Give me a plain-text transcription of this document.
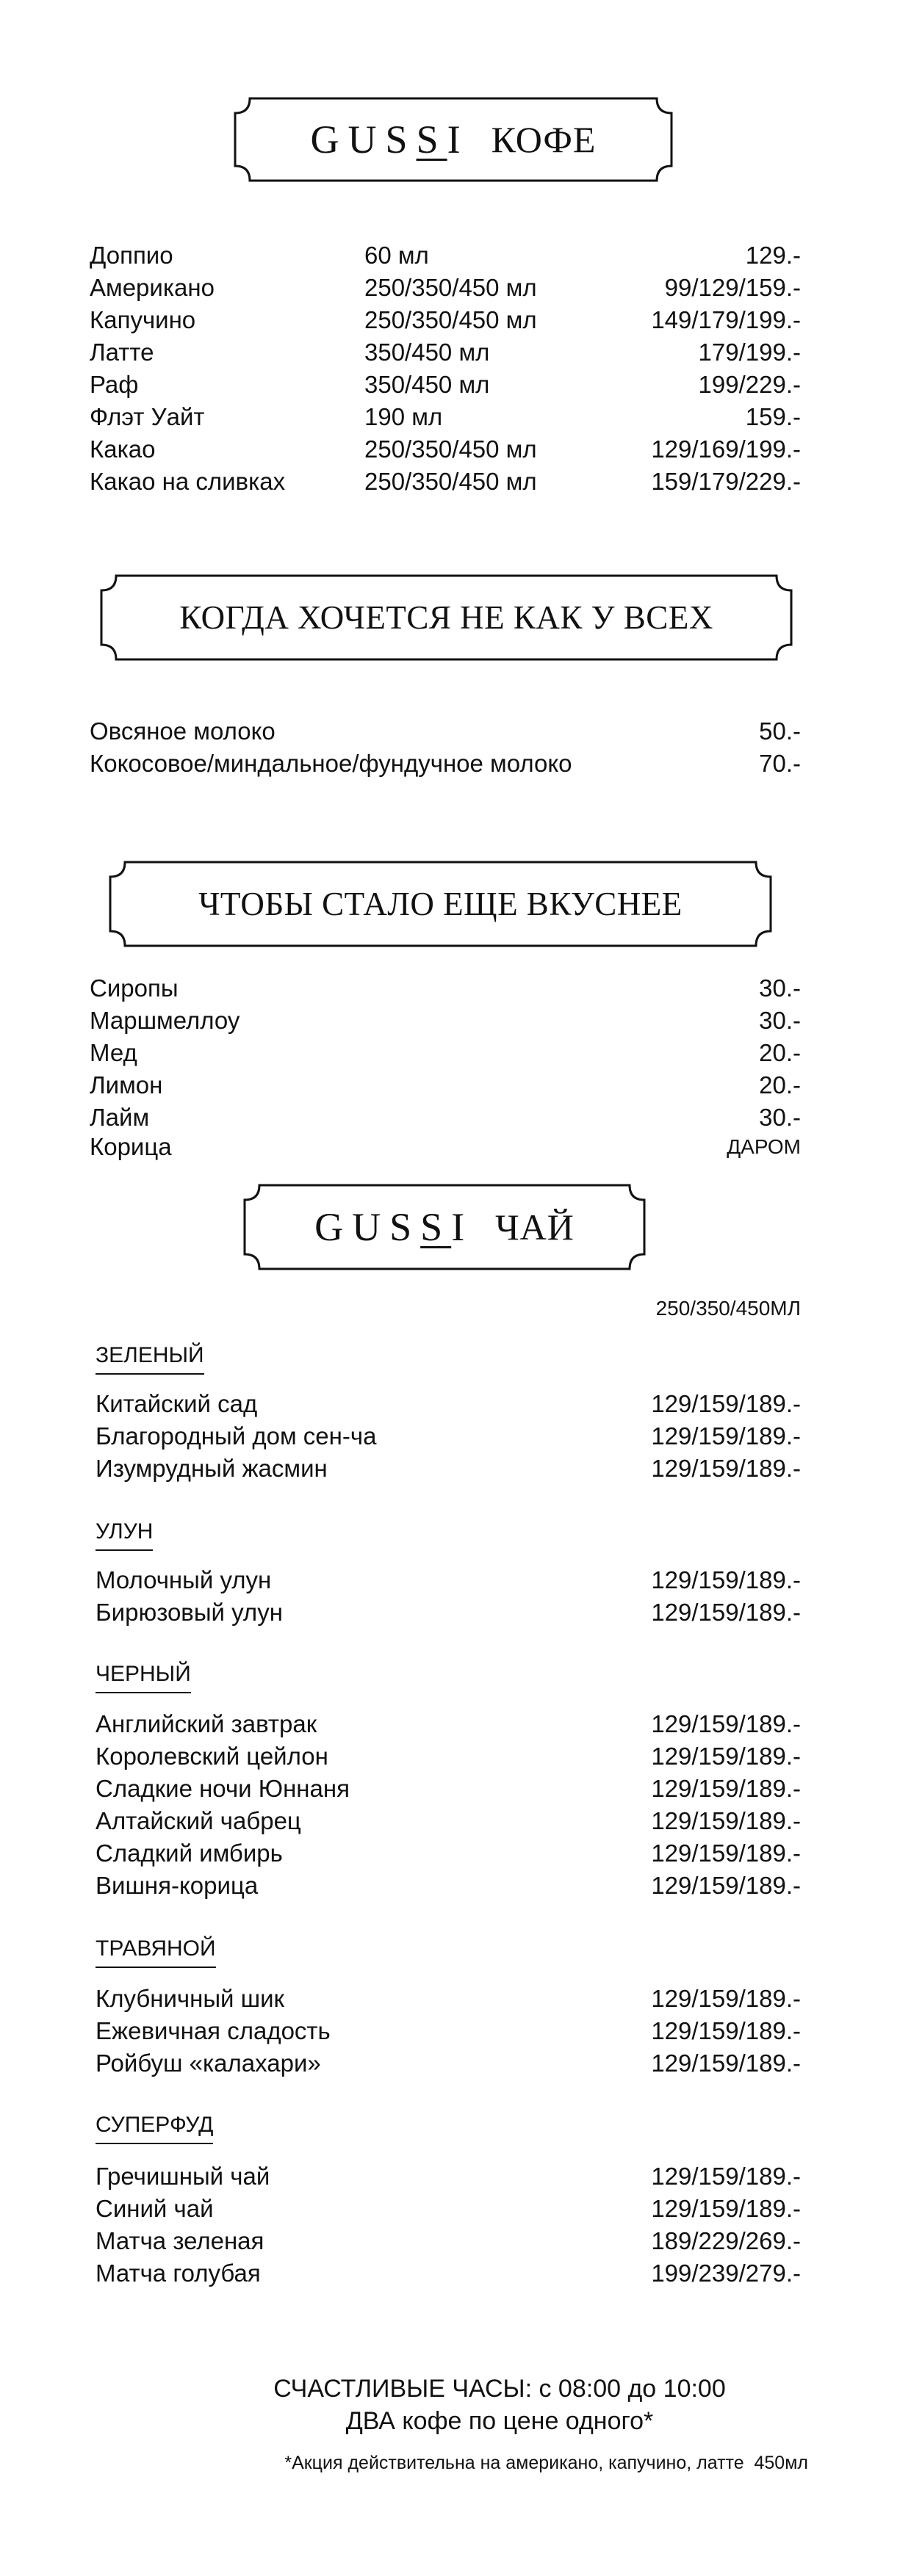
GUSSI КОФЕ
Доппио	60 мл	129.-
Американо	250/350/450 мл	99/129/159.-
Капучино	250/350/450 мл	149/179/199.-
Латте	350/450 мл	179/199.-
Раф	350/450 мл	199/229.-
Флэт Уайт	190 мл	159.-
Какао	250/350/450 мл	129/169/199.-
Какао на сливках	250/350/450 мл	159/179/229.-
КОГДА ХОЧЕТСЯ НЕ КАК У ВСЕХ
Овсяное молоко	50.-
Кокосовое/миндальное/фундучное молоко	70.-
ЧТОБЫ СТАЛО ЕЩЕ ВКУСНЕЕ
Сиропы	30.-
Маршмеллоу	30.-
Мед	20.-
Лимон	20.-
Лайм	30.-
Корица	ДАРОМ
GUSSI ЧАЙ
250/350/450МЛ
ЗЕЛЕНЫЙ
Китайский сад	129/159/189.-
Благородный дом сен-ча	129/159/189.-
Изумрудный жасмин	129/159/189.-
УЛУН
Молочный улун	129/159/189.-
Бирюзовый улун	129/159/189.-
ЧЕРНЫЙ
Английский завтрак	129/159/189.-
Королевский цейлон	129/159/189.-
Сладкие ночи Юннаня	129/159/189.-
Алтайский чабрец	129/159/189.-
Сладкий имбирь	129/159/189.-
Вишня-корица	129/159/189.-
ТРАВЯНОЙ
Клубничный шик	129/159/189.-
Ежевичная сладость	129/159/189.-
Ройбуш «калахари»	129/159/189.-
СУПЕРФУД
Гречишный чай	129/159/189.-
Синий чай	129/159/189.-
Матча зеленая	189/229/269.-
Матча голубая	199/239/279.-
СЧАСТЛИВЫЕ ЧАСЫ: с 08:00 до 10:00
ДВА кофе по цене одного*
*Акция действительна на американо, капучино, латте  450мл
